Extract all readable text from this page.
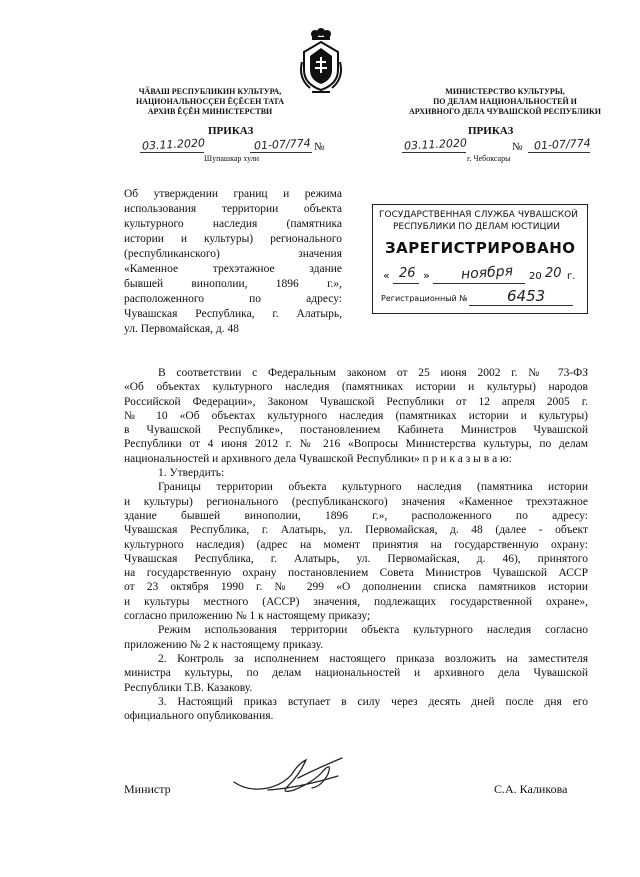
ЧӐВАШ РЕСПУБЛИКИН КУЛЬТУРА,
НАЦИОНАЛЬНОСÇЕН ĔÇĔСЕН ТАТА
АРХИВ ĔÇĔН МИНИСТЕРСТВИ
МИНИСТЕРСТВО КУЛЬТУРЫ,
ПО ДЕЛАМ НАЦИОНАЛЬНОСТЕЙ И
АРХИВНОГО ДЕЛА ЧУВАШСКОЙ РЕСПУБЛИКИ
ПРИКАЗ	ПРИКАЗ
03.11.2020	01-07/774 №
Шупашкар хули
03.11.2020	№ 01-07/774
г. Чебоксары
Об утверждении границ и режима
использования территории объекта
культурного наследия (памятника
истории и культуры) регионального
(республиканского) значения
«Каменное трехэтажное здание
бывшей винополии, 1896 г.»,
расположенного по адресу:
Чувашская Республика, г. Алатырь,
ул. Первомайская, д. 48
ГОСУДАРСТВЕННАЯ СЛУЖБА ЧУВАШСКОЙ
РЕСПУБЛИКИ ПО ДЕЛАМ ЮСТИЦИИ
ЗАРЕГИСТРИРОВАНО
« 26 » ноября 20 20 г.
Регистрационный №	6453
В соответствии с Федеральным законом от 25 июня 2002 г. № 73-ФЗ
«Об объектах культурного наследия (памятниках истории и культуры) народов
Российской Федерации», Законом Чувашской Республики от 12 апреля 2005 г.
№ 10 «Об объектах культурного наследия (памятниках истории и культуры)
в Чувашской Республике», постановлением Кабинета Министров Чувашской
Республики от 4 июня 2012 г. № 216 «Вопросы Министерства культуры, по делам
национальностей и архивного дела Чувашской Республики» п р и к а з ы в а ю:
1. Утвердить:
Границы территории объекта культурного наследия (памятника истории
и культуры) регионального (республиканского) значения «Каменное трехэтажное
здание бывшей винополии, 1896 г.», расположенного по адресу:
Чувашская Республика, г. Алатырь, ул. Первомайская, д. 48 (далее - объект
культурного наследия) (адрес на момент принятия на государственную охрану:
Чувашская Республика, г. Алатырь, ул. Первомайская, д. 46), принятого
на государственную охрану постановлением Совета Министров Чувашской АССР
от 23 октября 1990 г. № 299 «О дополнении списка памятников истории
и культуры местного (АССР) значения, подлежащих государственной охране»,
согласно приложению № 1 к настоящему приказу;
Режим использования территории объекта культурного наследия согласно
приложению № 2 к настоящему приказу.
2. Контроль за исполнением настоящего приказа возложить на заместителя
министра культуры, по делам национальностей и архивного дела Чувашской
Республики Т.В. Казакову.
3. Настоящий приказ вступает в силу через десять дней после дня его
официального опубликования.
Министр	С.А. Каликова
